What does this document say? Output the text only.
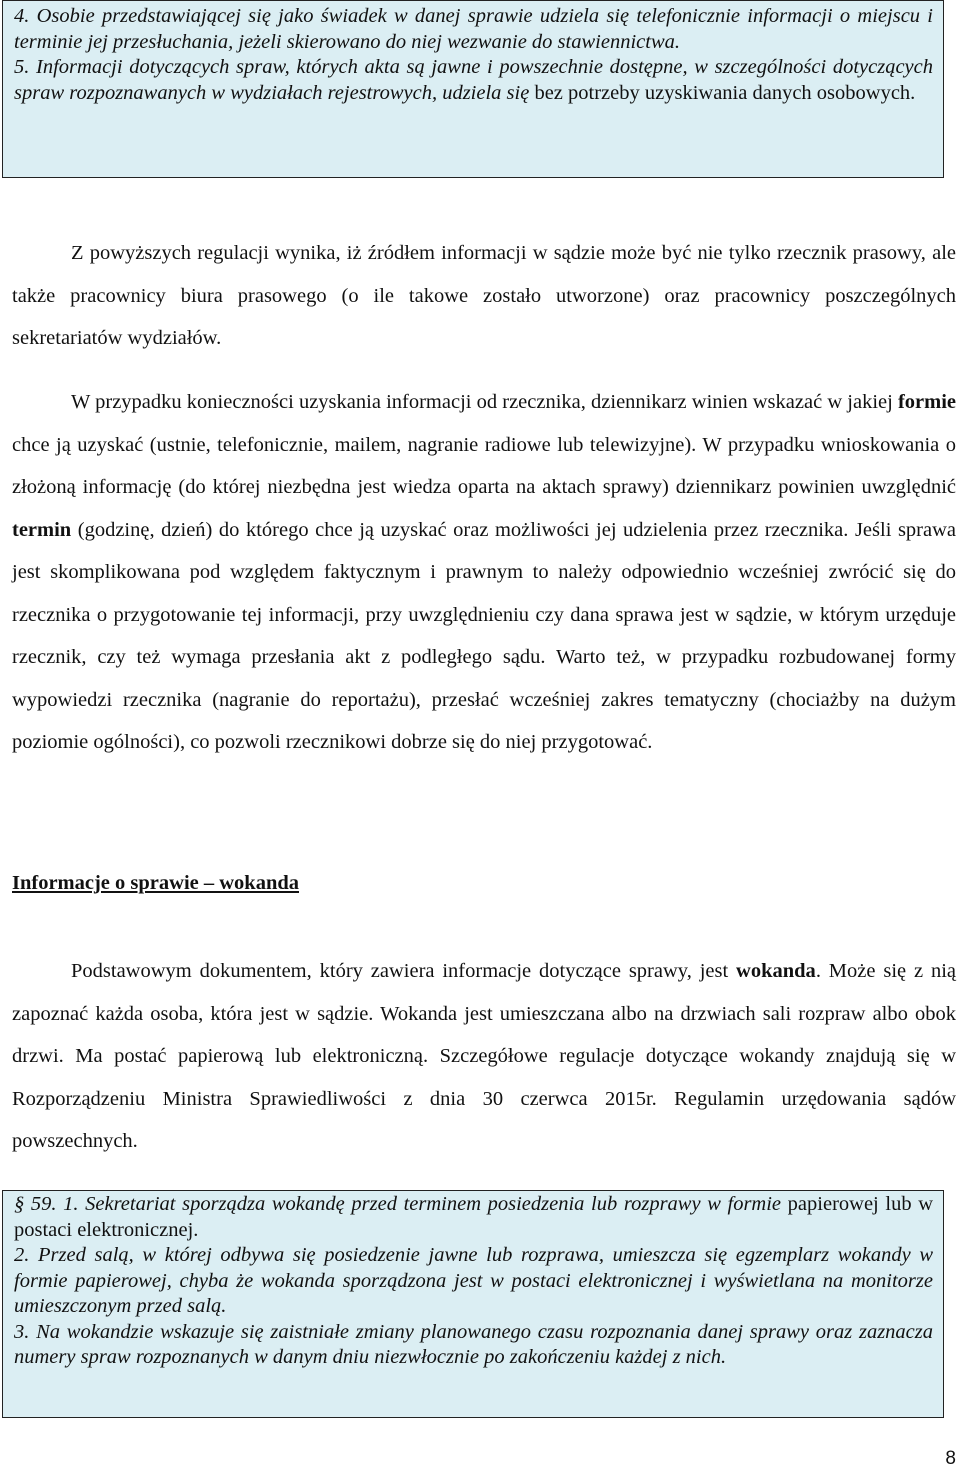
4. Osobie przedstawiającej się jako świadek w danej sprawie udziela się telefonicznie informacji o miejscu i terminie jej przesłuchania, jeżeli skierowano do niej wezwanie do stawiennictwa.

5. Informacji dotyczących spraw, których akta są jawne i powszechnie dostępne, w szczególności dotyczących spraw rozpoznawanych w wydziałach rejestrowych, udziela się bez potrzeby uzyskiwania danych osobowych.

Z powyższych regulacji wynika, iż źródłem informacji w sądzie może być nie tylko rzecznik prasowy, ale także pracownicy biura prasowego (o ile takowe zostało utworzone) oraz pracownicy poszczególnych sekretariatów wydziałów.

W przypadku konieczności uzyskania informacji od rzecznika, dziennikarz winien wskazać w jakiej formie chce ją uzyskać (ustnie, telefonicznie, mailem, nagranie radiowe lub telewizyjne). W przypadku wnioskowania o złożoną informację (do której niezbędna jest wiedza oparta na aktach sprawy) dziennikarz powinien uwzględnić termin (godzinę, dzień) do którego chce ją uzyskać oraz możliwości jej udzielenia przez rzecznika. Jeśli sprawa jest skomplikowana pod względem faktycznym i prawnym to należy odpowiednio wcześniej zwrócić się do rzecznika o przygotowanie tej informacji, przy uwzględnieniu czy dana sprawa jest w sądzie, w którym urzęduje rzecznik, czy też wymaga przesłania akt z podległego sądu. Warto też, w przypadku rozbudowanej formy wypowiedzi rzecznika (nagranie do reportażu), przesłać wcześniej zakres tematyczny (chociażby na dużym poziomie ogólności), co pozwoli rzecznikowi dobrze się do niej przygotować.

Informacje o sprawie – wokanda

Podstawowym dokumentem, który zawiera informacje dotyczące sprawy, jest wokanda. Może się z nią zapoznać każda osoba, która jest w sądzie. Wokanda jest umieszczana albo na drzwiach sali rozpraw albo obok drzwi. Ma postać papierową lub elektroniczną. Szczegółowe regulacje dotyczące wokandy znajdują się w Rozporządzeniu Ministra Sprawiedliwości z dnia 30 czerwca 2015r. Regulamin urzędowania sądów powszechnych.

§ 59. 1. Sekretariat sporządza wokandę przed terminem posiedzenia lub rozprawy w formie papierowej lub w postaci elektronicznej.

2. Przed salą, w której odbywa się posiedzenie jawne lub rozprawa, umieszcza się egzemplarz wokandy w formie papierowej, chyba że wokanda sporządzona jest w postaci elektronicznej i wyświetlana na monitorze umieszczonym przed salą.

3. Na wokandzie wskazuje się zaistniałe zmiany planowanego czasu rozpoznania danej sprawy oraz zaznacza numery spraw rozpoznanych w danym dniu niezwłocznie po zakończeniu każdej z nich.

8
